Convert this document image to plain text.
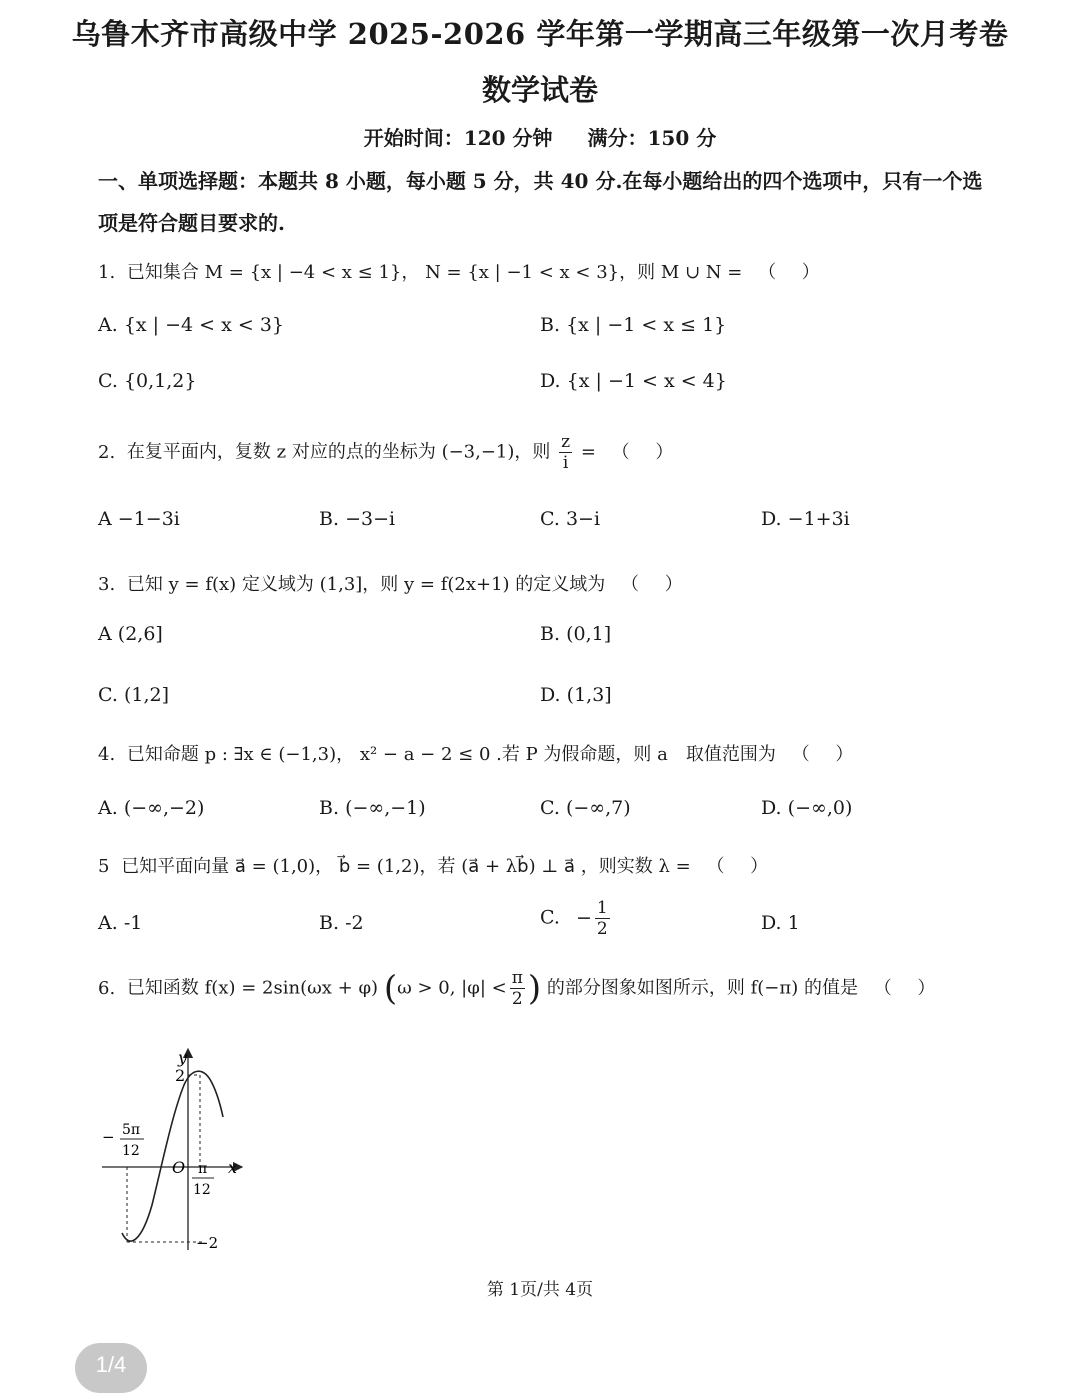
乌鲁木齐市高级中学 2025-2026 学年第一学期高三年级第一次月考卷
数学试卷
开始时间：120 分钟 满分：150 分
一、单项选择题：本题共 8 小题，每小题 5 分，共 40 分.在每小题给出的四个选项中，只有一个选项是符合题目要求的.
1. 已知集合 M = {x | −4 < x ≤ 1}， N = {x | −1 < x < 3}，则 M ∪ N = （ ）
A. {x | −4 < x < 3}	B. {x | −1 < x ≤ 1}
C. {0,1,2}	D. {x | −1 < x < 4}
2. 在复平面内，复数 z 对应的点的坐标为 (−3,−1)，则 $\frac{z}{i}$ = （ ）
A −1−3i	B. −3−i	C. 3−i	D. −1+3i
3. 已知 y = f(x) 定义域为 (1,3]，则 y = f(2x+1) 的定义域为 （ ）
A (2,6]	B. (0,1]
C. (1,2]	D. (1,3]
4. 已知命题 p : ∃x ∈ (−1,3)， x² − a − 2 ≤ 0 .若 P 为假命题，则 a　取值范围为 （ ）
A. (−∞,−2)	B. (−∞,−1)	C. (−∞,7)	D. (−∞,0)
5 已知平面向量 a⃗ = (1,0)， b⃗ = (1,2)，若 (a⃗ + λb⃗) ⊥ a⃗ ，则实数 λ = （ ）
A. -1	B. -2	C. − $\frac{1}{2}$	D. 1
6. 已知函数 f(x) = 2sin(ωx + φ) (ω > 0, $|\varphi| < \frac{\pi}{2}$ ) 的部分图象如图所示，则 f(−π) 的值是 （ ）
y
x
O
2
−2
− 5π
12
π
12
第 1页/共 4页
1/4
